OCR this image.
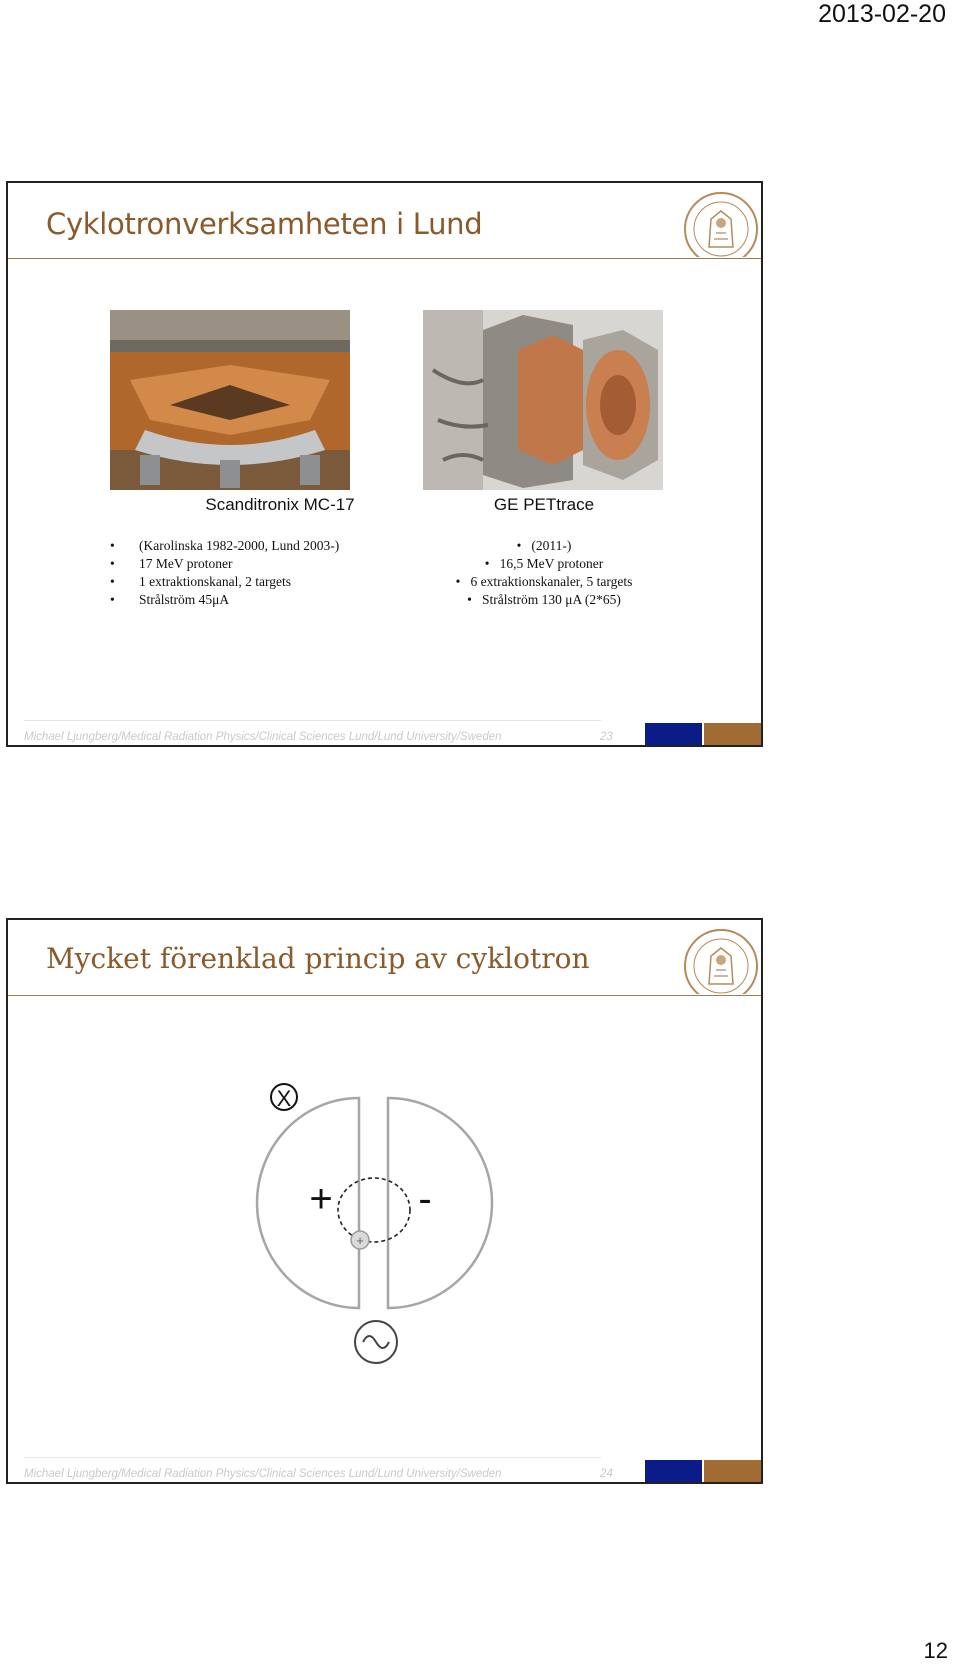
2013-02-20
Cyklotronverksamheten i Lund
Scanditronix MC-17
• (Karolinska 1982-2000, Lund 2003-)
• 17 MeV protoner
• 1 extraktionskanal, 2 targets
• Strålström 45μA
GE PETtrace
•   (2011-)
•   16,5 MeV protoner
•   6 extraktionskanaler, 5 targets
•   Strålström 130 μA (2*65)
Michael Ljungberg/Medical Radiation Physics/Clinical Sciences Lund/Lund University/Sweden	23
Mycket förenklad princip av cyklotron
X
+ -
+
Michael Ljungberg/Medical Radiation Physics/Clinical Sciences Lund/Lund University/Sweden	24
12
